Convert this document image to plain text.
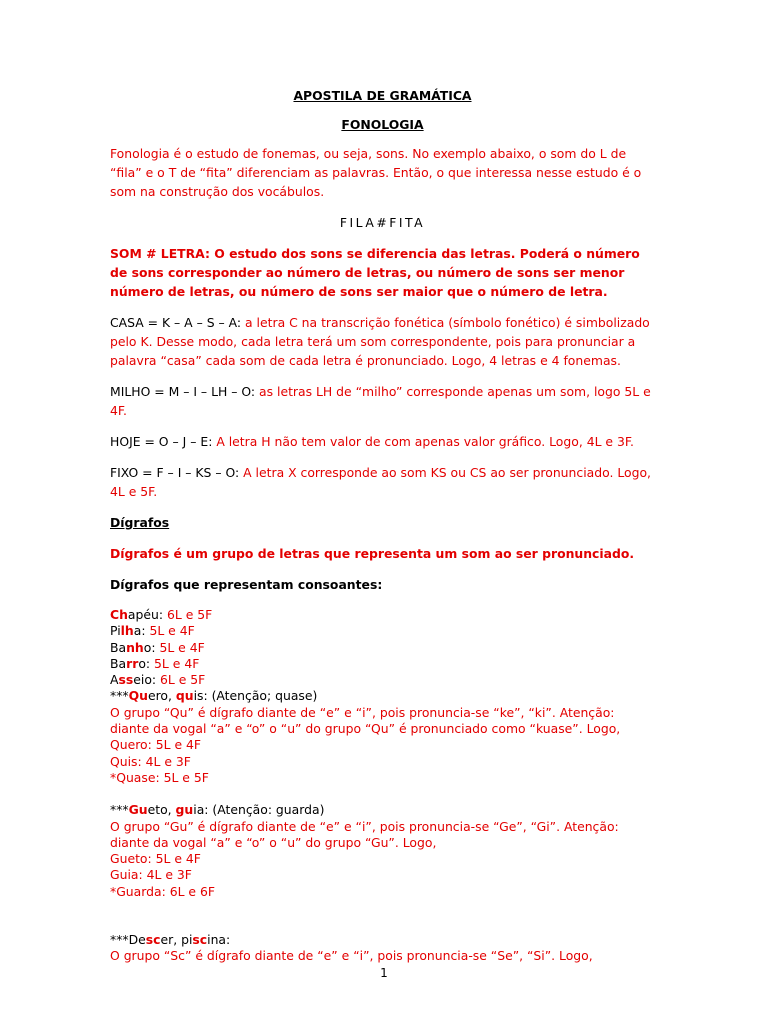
APOSTILA DE GRAMÁTICA

FONOLOGIA

Fonologia é o estudo de fonemas, ou seja, sons. No exemplo abaixo, o som do L de “fila” e o T de “fita” diferenciam as palavras. Então, o que interessa nesse estudo é o som na construção dos vocábulos.

FILA#FITA

SOM # LETRA: O estudo dos sons se diferencia das letras. Poderá o número de sons corresponder ao número de letras, ou número de sons ser menor número de letras, ou número de sons ser maior que o número de letra.

CASA = K – A – S – A: a letra C na transcrição fonética (símbolo fonético) é simbolizado pelo K. Desse modo, cada letra terá um som correspondente, pois para pronunciar a palavra “casa” cada som de cada letra é pronunciado. Logo, 4 letras e 4 fonemas.

MILHO = M – I – LH – O: as letras LH de “milho” corresponde apenas um som, logo 5L e 4F.

HOJE = O – J – E: A letra H não tem valor de com apenas valor gráfico. Logo, 4L e 3F.

FIXO = F – I – KS – O: A letra X corresponde ao som KS ou CS ao ser pronunciado. Logo, 4L e 5F.

Dígrafos

Dígrafos é um grupo de letras que representa um som ao ser pronunciado.

Dígrafos que representam consoantes:

Chapéu: 6L e 5F
Pilha: 5L e 4F
Banho: 5L e 4F
Barro: 5L e 4F
Asseio: 6L e 5F
***Quero, quis: (Atenção; quase)

O grupo “Qu” é dígrafo diante de “e” e “i”, pois pronuncia-se “ke”, “ki”. Atenção: diante da vogal “a” e “o” o “u” do grupo “Qu” é pronunciado como “kuase”. Logo,

Quero: 5L e 4F
Quis: 4L e 3F
*Quase: 5L e 5F
***Gueto, guia: (Atenção: guarda)

O grupo “Gu” é dígrafo diante de “e” e “i”, pois pronuncia-se “Ge”, “Gi”. Atenção: diante da vogal “a” e “o” o “u” do grupo “Gu”. Logo,

Gueto: 5L e 4F
Guia: 4L e 3F
*Guarda: 6L e 6F
***Descer, piscina:

O grupo “Sc” é dígrafo diante de “e” e “i”, pois pronuncia-se “Se”, “Si”. Logo,

1
